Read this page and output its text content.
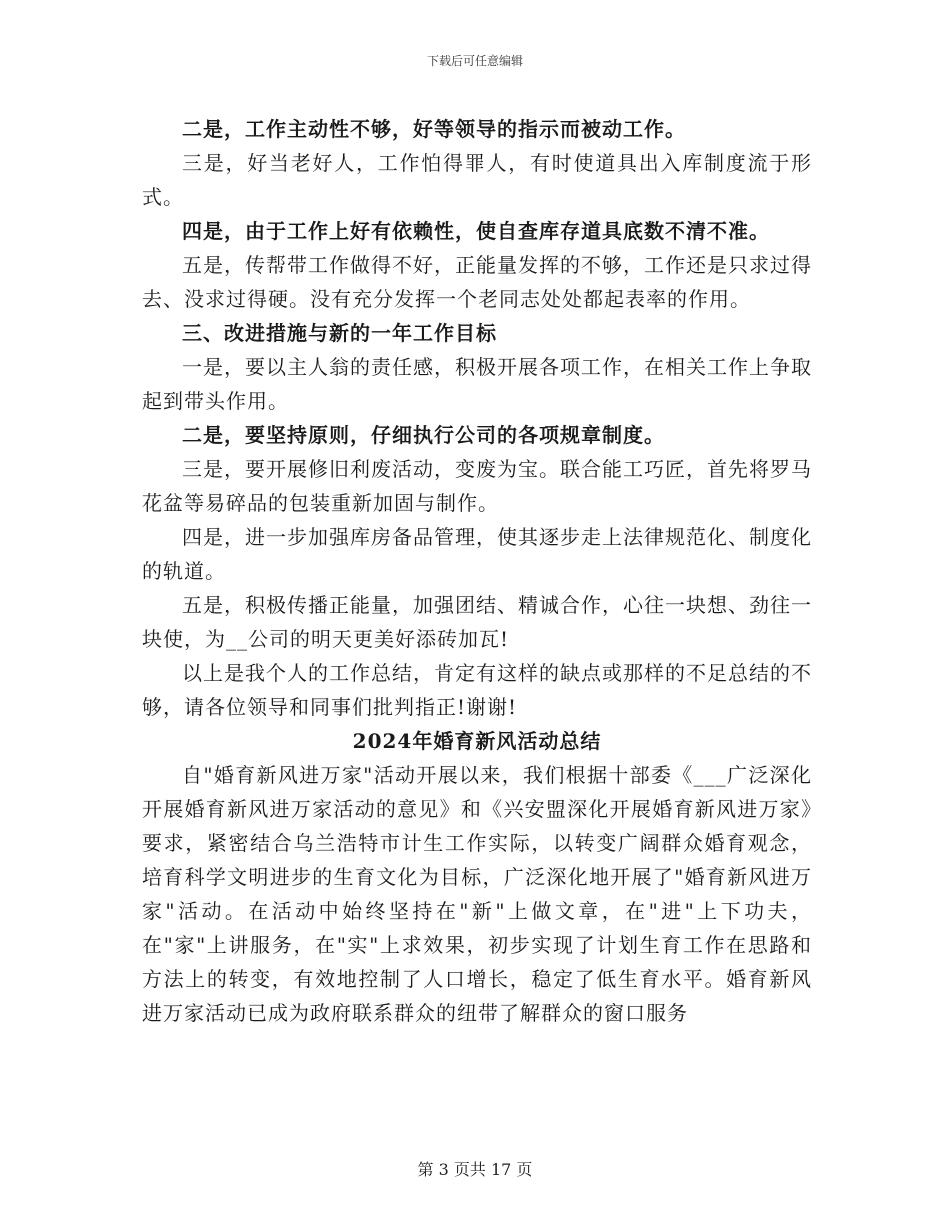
下载后可任意编辑

二是，工作主动性不够，好等领导的指示而被动工作。

三是，好当老好人，工作怕得罪人，有时使道具出入库制度流于形式。

四是，由于工作上好有依赖性，使自查库存道具底数不清不准。

五是，传帮带工作做得不好，正能量发挥的不够，工作还是只求过得去、没求过得硬。没有充分发挥一个老同志处处都起表率的作用。

三、改进措施与新的一年工作目标

一是，要以主人翁的责任感，积极开展各项工作，在相关工作上争取起到带头作用。

二是，要坚持原则，仔细执行公司的各项规章制度。

三是，要开展修旧利废活动，变废为宝。联合能工巧匠，首先将罗马花盆等易碎品的包装重新加固与制作。

四是，进一步加强库房备品管理，使其逐步走上法律规范化、制度化的轨道。

五是，积极传播正能量，加强团结、精诚合作，心往一块想、劲往一块使，为__公司的明天更美好添砖加瓦!

以上是我个人的工作总结，肯定有这样的缺点或那样的不足总结的不够，请各位领导和同事们批判指正!谢谢!

2024年婚育新风活动总结

自"婚育新风进万家"活动开展以来，我们根据十部委《___广泛深化开展婚育新风进万家活动的意见》和《兴安盟深化开展婚育新风进万家》要求，紧密结合乌兰浩特市计生工作实际，以转变广阔群众婚育观念，培育科学文明进步的生育文化为目标，广泛深化地开展了"婚育新风进万家"活动。在活动中始终坚持在"新"上做文章，在"进"上下功夫，在"家"上讲服务，在"实"上求效果，初步实现了计划生育工作在思路和方法上的转变，有效地控制了人口增长，稳定了低生育水平。婚育新风进万家活动已成为政府联系群众的纽带了解群众的窗口服务

第 3 页共 17 页
